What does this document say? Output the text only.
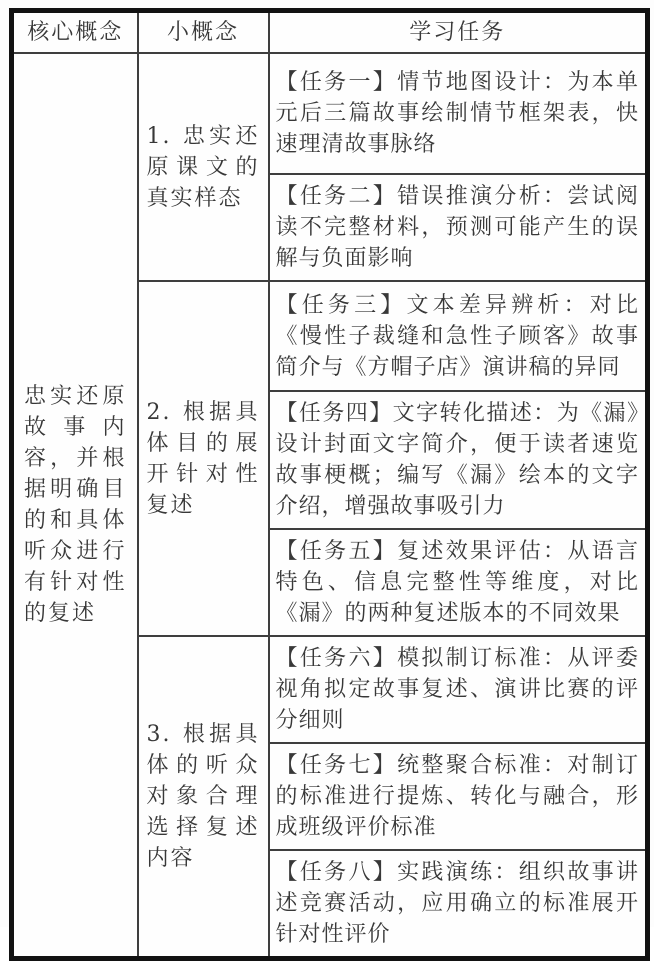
核心概念	小概念	学习任务
忠实还原故事内容，并根据明确目的和具体听众进行有针对性的复述	1. 忠实还原课文的真实样态	【任务一】情节地图设计：为本单元后三篇故事绘制情节框架表，快速理清故事脉络
		【任务二】错误推演分析：尝试阅读不完整材料，预测可能产生的误解与负面影响
	2. 根据具体目的展开针对性复述	【任务三】文本差异辨析：对比《慢性子裁缝和急性子顾客》故事简介与《方帽子店》演讲稿的异同
		【任务四】文字转化描述：为《漏》设计封面文字简介，便于读者速览故事梗概；编写《漏》绘本的文字介绍，增强故事吸引力
		【任务五】复述效果评估：从语言特色、信息完整性等维度，对比《漏》的两种复述版本的不同效果
	3. 根据具体的听众对象合理选择复述内容	【任务六】模拟制订标准：从评委视角拟定故事复述、演讲比赛的评分细则
		【任务七】统整聚合标准：对制订的标准进行提炼、转化与融合，形成班级评价标准
		【任务八】实践演练：组织故事讲述竞赛活动，应用确立的标准展开针对性评价
